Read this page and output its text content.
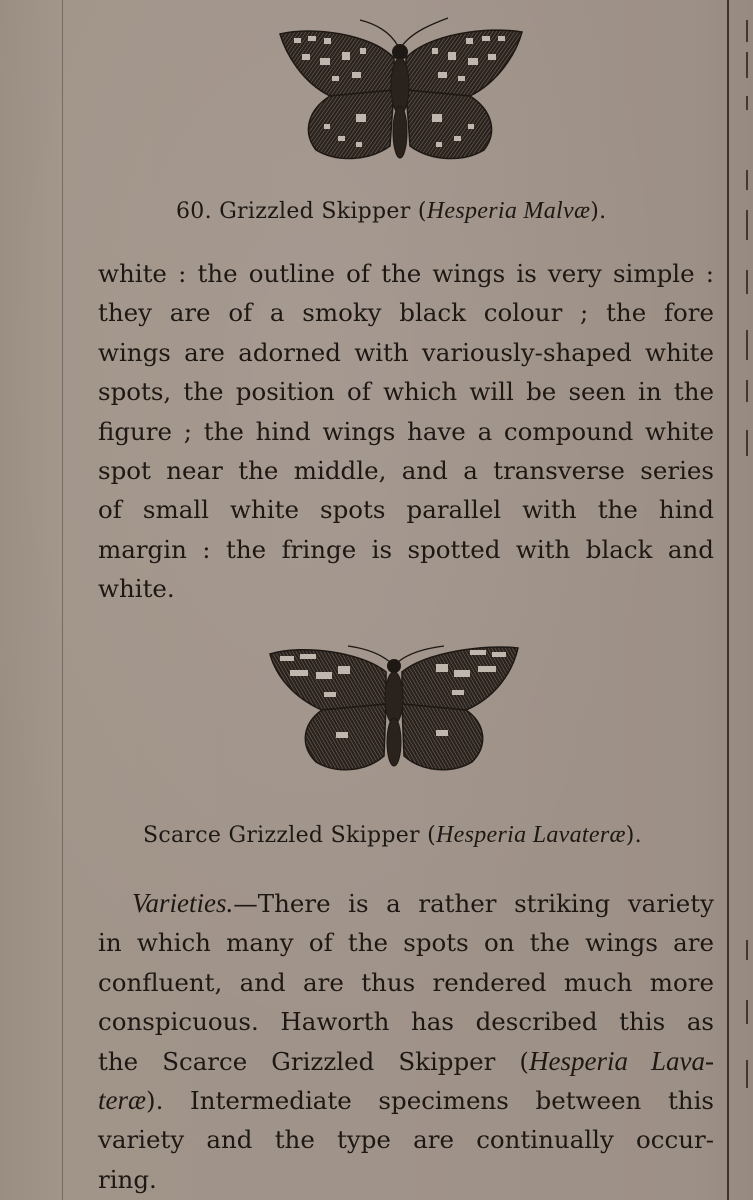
60. Grizzled Skipper (Hesperia Malvæ).
white : the outline of the wings is very simple :
they are of a smoky black colour ; the fore
wings are adorned with variously-shaped white
spots, the position of which will be seen in the
figure ; the hind wings have a compound white
spot near the middle, and a transverse series
of small white spots parallel with the hind
margin : the fringe is spotted with black and
white.
Scarce Grizzled Skipper (Hesperia Lavateræ).
Varieties.—There is a rather striking variety
in which many of the spots on the wings are
confluent, and are thus rendered much more
conspicuous. Haworth has described this as
the Scarce Grizzled Skipper (Hesperia Lava-
teræ). Intermediate specimens between this
variety and the type are continually occur-
ring.
